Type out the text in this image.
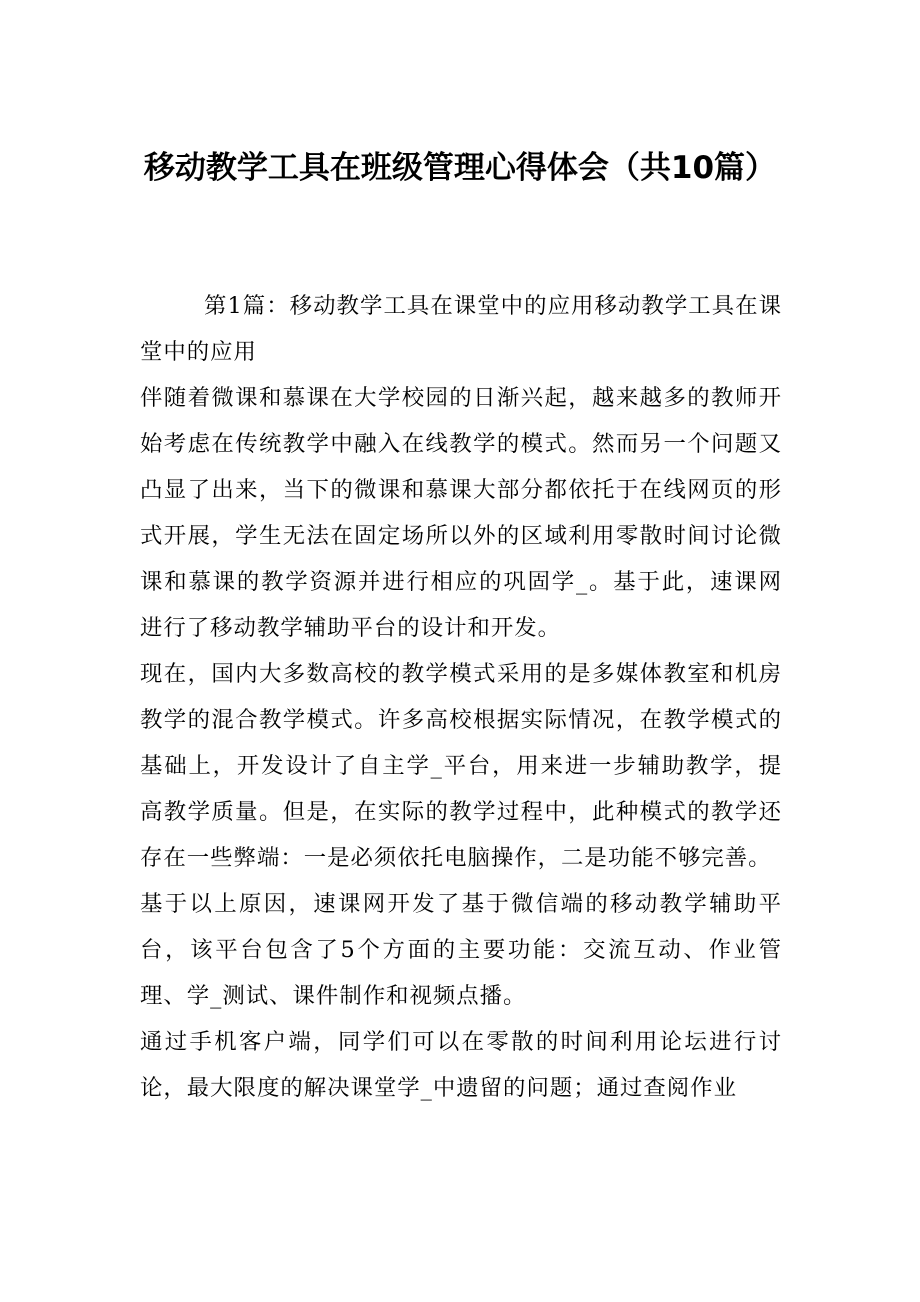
移动教学工具在班级管理心得体会（共10篇）

第1篇：移动教学工具在课堂中的应用移动教学工具在课堂中的应用

伴随着微课和慕课在大学校园的日渐兴起，越来越多的教师开始考虑在传统教学中融入在线教学的模式。然而另一个问题又凸显了出来，当下的微课和慕课大部分都依托于在线网页的形式开展，学生无法在固定场所以外的区域利用零散时间讨论微课和慕课的教学资源并进行相应的巩固学_。基于此，速课网进行了移动教学辅助平台的设计和开发。

现在，国内大多数高校的教学模式采用的是多媒体教室和机房教学的混合教学模式。许多高校根据实际情况，在教学模式的基础上，开发设计了自主学_平台，用来进一步辅助教学，提高教学质量。但是，在实际的教学过程中，此种模式的教学还存在一些弊端：一是必须依托电脑操作，二是功能不够完善。

基于以上原因，速课网开发了基于微信端的移动教学辅助平台，该平台包含了5个方面的主要功能：交流互动、作业管理、学_测试、课件制作和视频点播。

通过手机客户端，同学们可以在零散的时间利用论坛进行讨论，最大限度的解决课堂学_中遗留的问题；通过查阅作业
